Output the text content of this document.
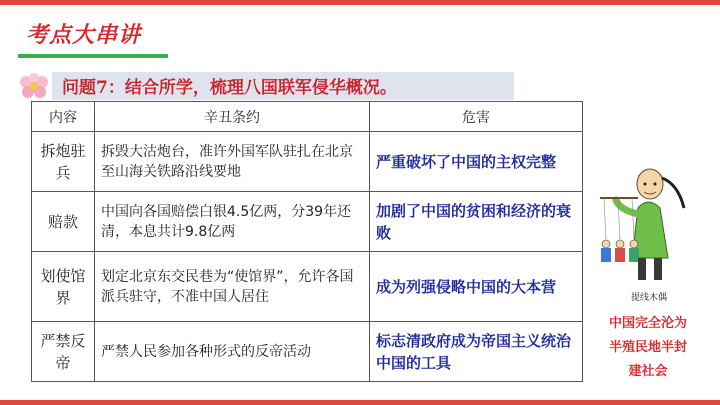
考点大串讲
问题7：结合所学，梳理八国联军侵华概况。
内容	辛丑条约	危害
拆炮驻兵	拆毁大沽炮台，准许外国军队驻扎在北京至山海关铁路沿线要地	严重破坏了中国的主权完整
赔款	中国向各国赔偿白银4.5亿两，分39年还清，本息共计9.8亿两	加剧了中国的贫困和经济的衰败
划使馆界	划定北京东交民巷为“使馆界”，允许各国派兵驻守，不准中国人居住	成为列强侵略中国的大本营
严禁反帝	严禁人民参加各种形式的反帝活动	标志清政府成为帝国主义统治中国的工具
提线木偶
中国完全沦为
半殖民地半封
建社会
